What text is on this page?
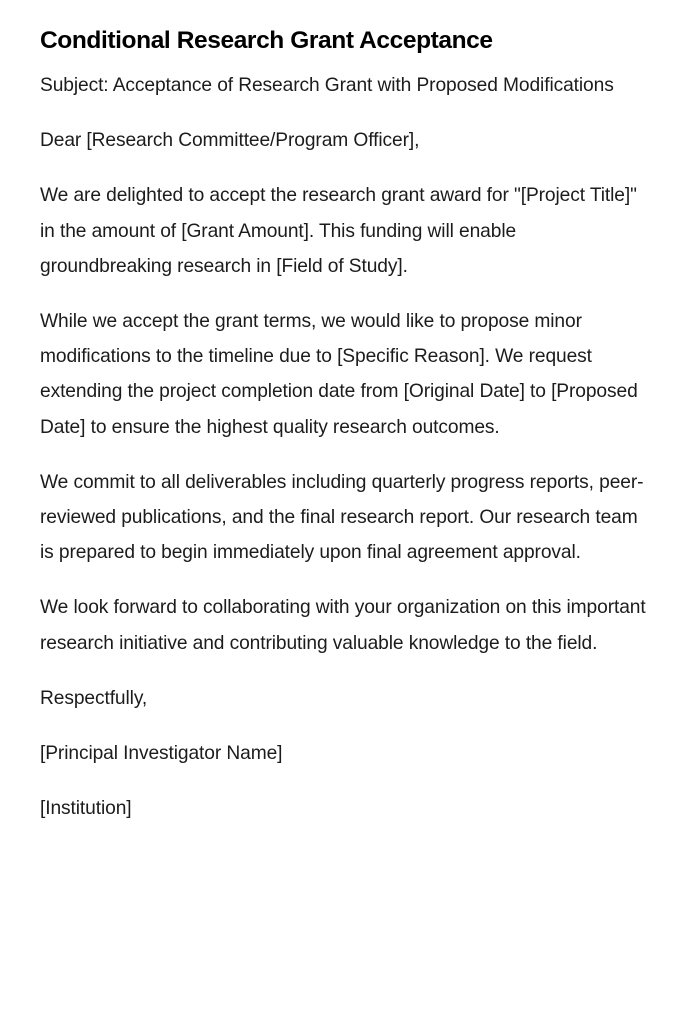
Conditional Research Grant Acceptance

Subject: Acceptance of Research Grant with Proposed Modifications

Dear [Research Committee/Program Officer],

We are delighted to accept the research grant award for "[Project Title]" in the amount of [Grant Amount]. This funding will enable groundbreaking research in [Field of Study].

While we accept the grant terms, we would like to propose minor modifications to the timeline due to [Specific Reason]. We request extending the project completion date from [Original Date] to [Proposed Date] to ensure the highest quality research outcomes.

We commit to all deliverables including quarterly progress reports, peer-reviewed publications, and the final research report. Our research team is prepared to begin immediately upon final agreement approval.

We look forward to collaborating with your organization on this important research initiative and contributing valuable knowledge to the field.

Respectfully,

[Principal Investigator Name]

[Institution]
